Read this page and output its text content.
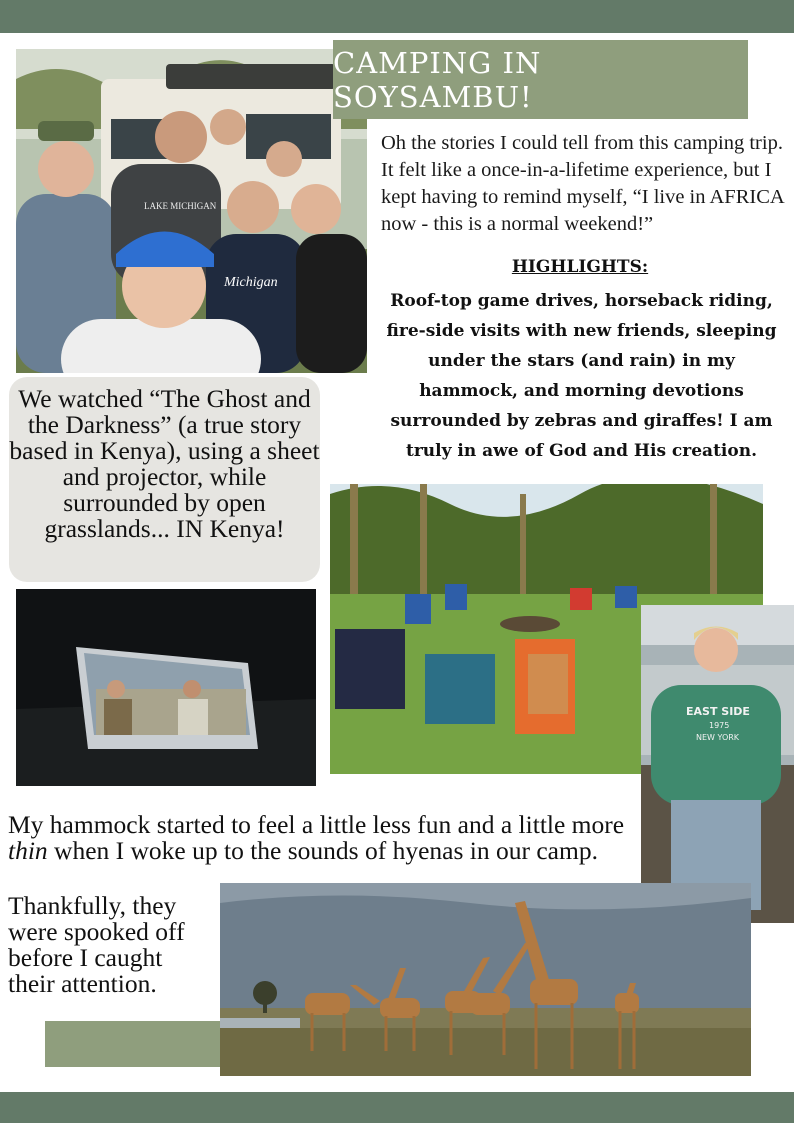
LAKE MICHIGAN
Michigan
CAMPING IN SOYSAMBU!
Oh the stories I could tell from this camping trip. It felt like a once-in-a-lifetime experience, but I kept having to remind myself, “I live in AFRICA now - this is a normal weekend!”
HIGHLIGHTS:
Roof-top game drives, horseback riding, fire-side visits with new friends, sleeping under the stars (and rain) in my hammock, and morning devotions surrounded by zebras and giraffes! I am truly in awe of God and His creation.
We watched “The Ghost and the Darkness” (a true story based in Kenya), using a sheet and projector, while surrounded by open grasslands... IN Kenya!
EAST SIDE
1975
NEW YORK
My hammock started to feel a little less fun and a little more thin when I woke up to the sounds of hyenas in our camp.
Thankfully, they
were spooked off
before I caught
their attention.
